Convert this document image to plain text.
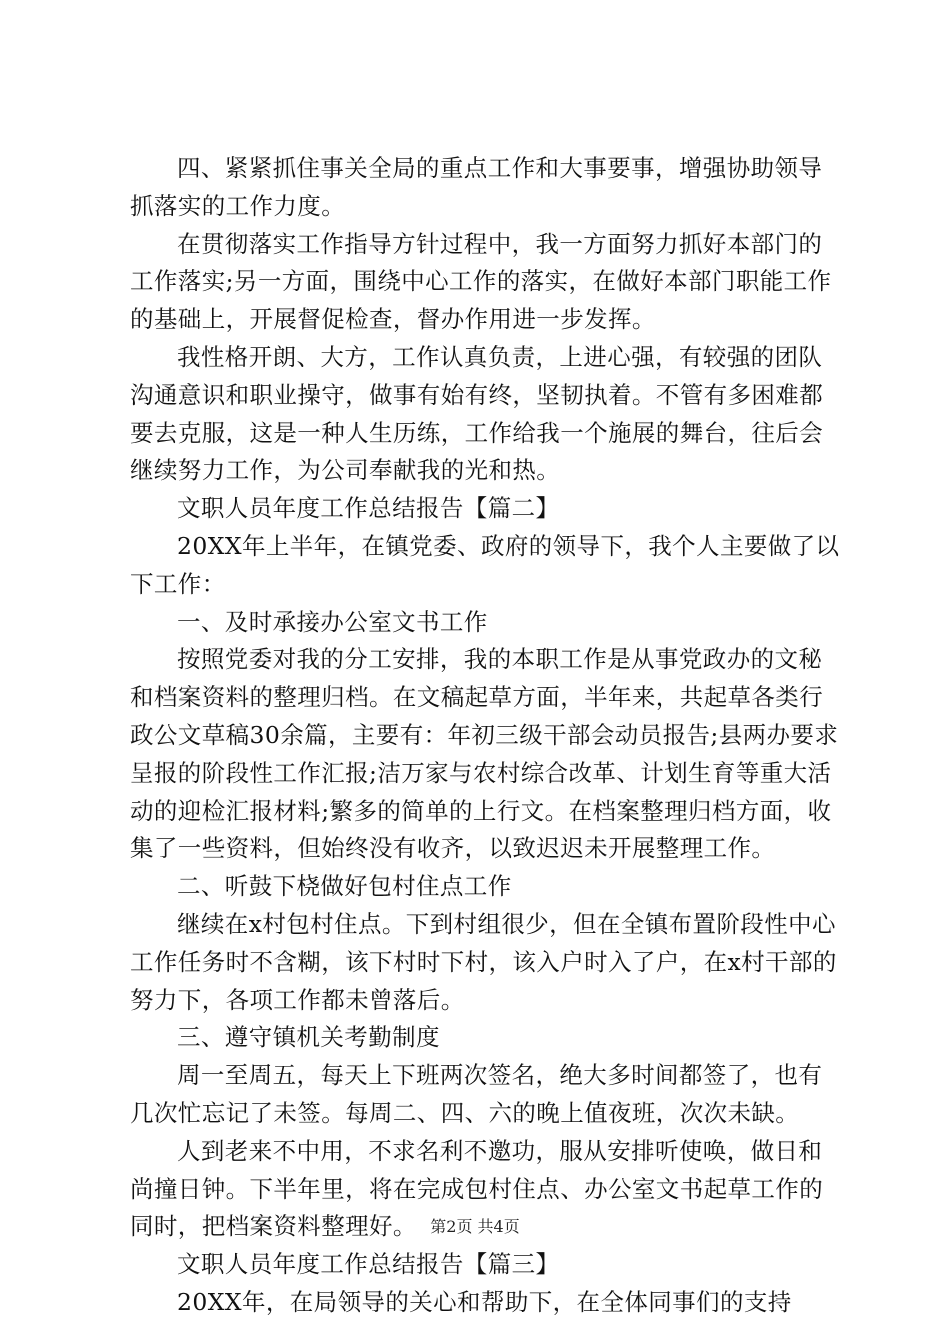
四、紧紧抓住事关全局的重点工作和大事要事，增强协助领导抓落实的工作力度。

在贯彻落实工作指导方针过程中，我一方面努力抓好本部门的工作落实;另一方面，围绕中心工作的落实，在做好本部门职能工作的基础上，开展督促检查，督办作用进一步发挥。

我性格开朗、大方，工作认真负责，上进心强，有较强的团队沟通意识和职业操守，做事有始有终，坚韧执着。不管有多困难都要去克服，这是一种人生历练，工作给我一个施展的舞台，往后会继续努力工作，为公司奉献我的光和热。

文职人员年度工作总结报告【篇二】

20XX年上半年，在镇党委、政府的领导下，我个人主要做了以下工作：

一、及时承接办公室文书工作

按照党委对我的分工安排，我的本职工作是从事党政办的文秘和档案资料的整理归档。在文稿起草方面，半年来，共起草各类行政公文草稿30余篇，主要有：年初三级干部会动员报告;县两办要求呈报的阶段性工作汇报;洁万家与农村综合改革、计划生育等重大活动的迎检汇报材料;繁多的简单的上行文。在档案整理归档方面，收集了一些资料，但始终没有收齐，以致迟迟未开展整理工作。

二、听鼓下桡做好包村住点工作

继续在x村包村住点。下到村组很少，但在全镇布置阶段性中心工作任务时不含糊，该下村时下村，该入户时入了户，在x村干部的努力下，各项工作都未曾落后。

三、遵守镇机关考勤制度

周一至周五，每天上下班两次签名，绝大多时间都签了，也有几次忙忘记了未签。每周二、四、六的晚上值夜班，次次未缺。

人到老来不中用，不求名利不邀功，服从安排听使唤，做日和尚撞日钟。下半年里，将在完成包村住点、办公室文书起草工作的同时，把档案资料整理好。

文职人员年度工作总结报告【篇三】

20XX年，在局领导的关心和帮助下，在全体同事们的支持

第2页 共4页
